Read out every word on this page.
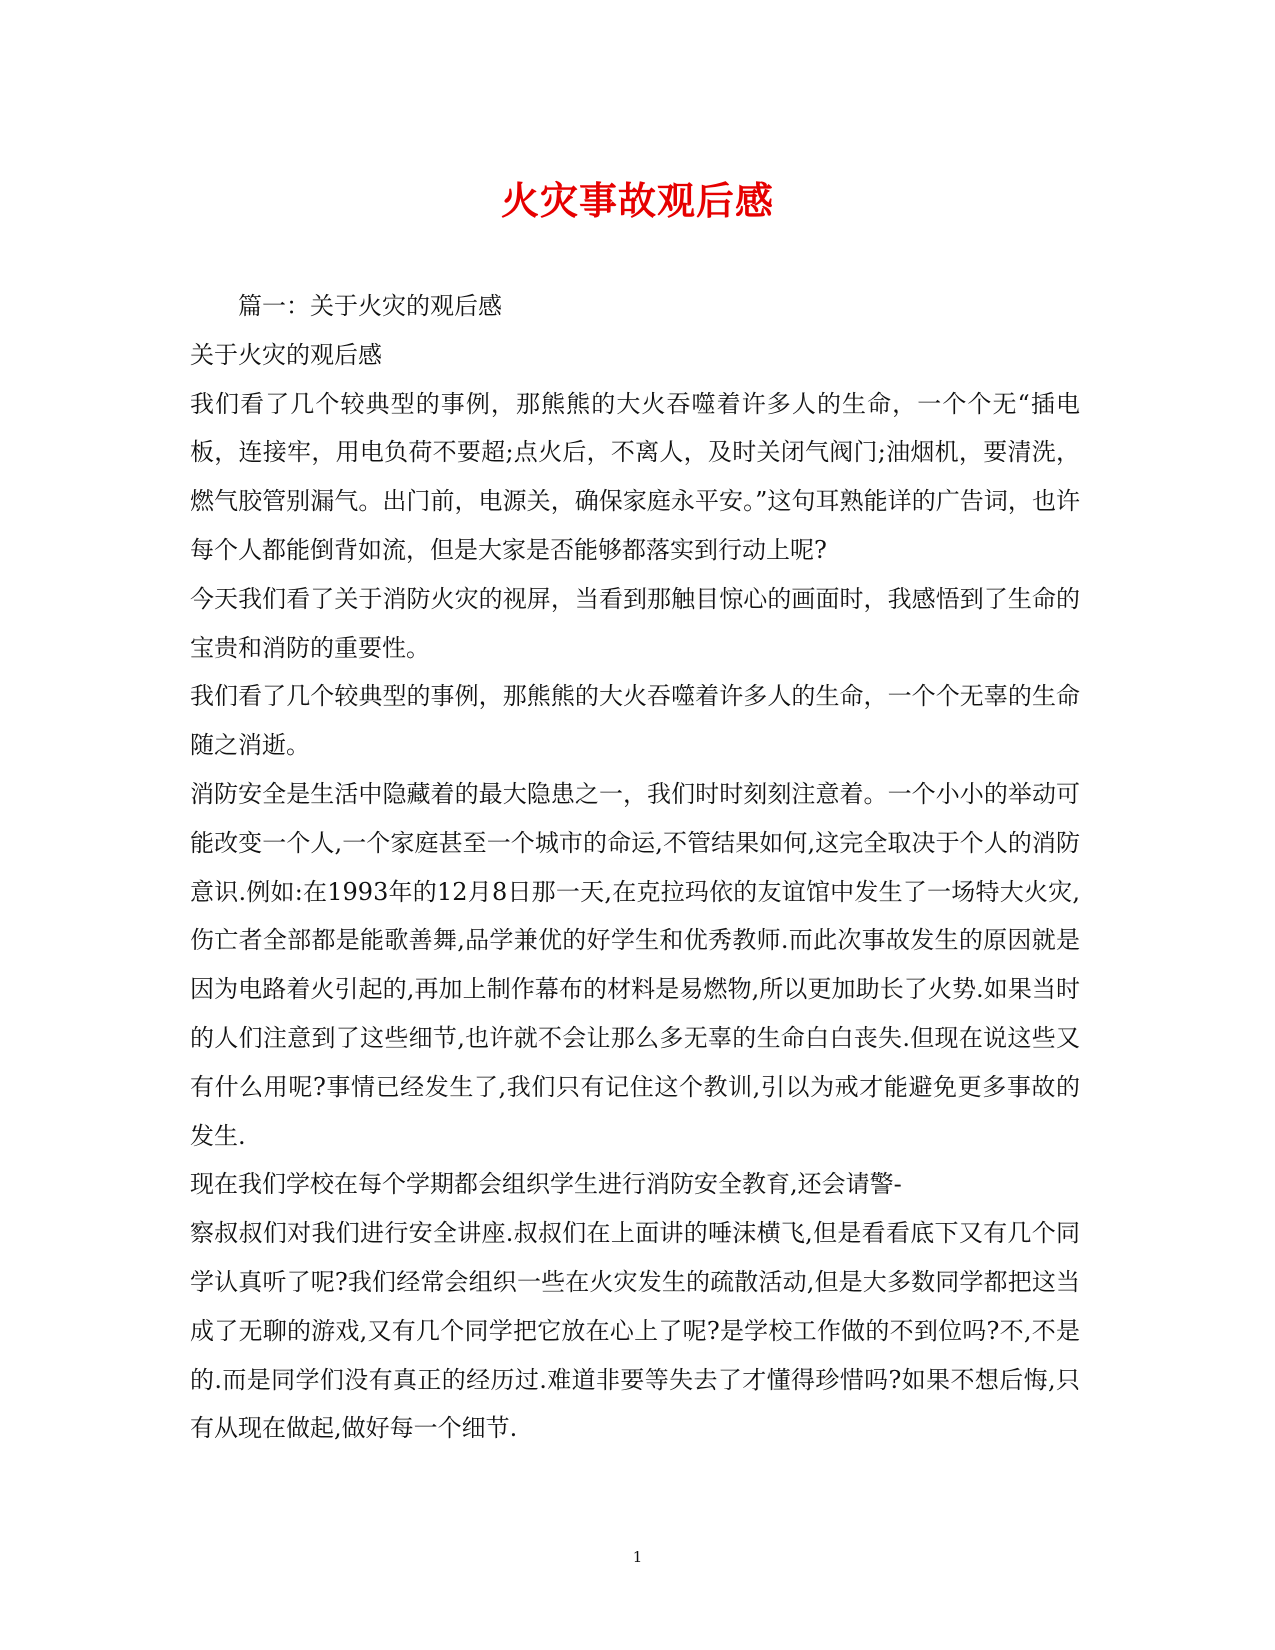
火灾事故观后感

篇一：关于火灾的观后感

关于火灾的观后感

我们看了几个较典型的事例，那熊熊的大火吞噬着许多人的生命，一个个无“插电板，连接牢，用电负荷不要超;点火后，不离人，及时关闭气阀门;油烟机，要清洗，燃气胶管别漏气。出门前，电源关，确保家庭永平安。”这句耳熟能详的广告词，也许每个人都能倒背如流，但是大家是否能够都落实到行动上呢?

今天我们看了关于消防火灾的视屏，当看到那触目惊心的画面时，我感悟到了生命的宝贵和消防的重要性。

我们看了几个较典型的事例，那熊熊的大火吞噬着许多人的生命，一个个无辜的生命随之消逝。

消防安全是生活中隐藏着的最大隐患之一，我们时时刻刻注意着。一个小小的举动可能改变一个人,一个家庭甚至一个城市的命运,不管结果如何,这完全取决于个人的消防意识.例如:在1993年的12月8日那一天,在克拉玛依的友谊馆中发生了一场特大火灾,伤亡者全部都是能歌善舞,品学兼优的好学生和优秀教师.而此次事故发生的原因就是因为电路着火引起的,再加上制作幕布的材料是易燃物,所以更加助长了火势.如果当时的人们注意到了这些细节,也许就不会让那么多无辜的生命白白丧失.但现在说这些又有什么用呢?事情已经发生了,我们只有记住这个教训,引以为戒才能避免更多事故的发生.

现在我们学校在每个学期都会组织学生进行消防安全教育,还会请警-

察叔叔们对我们进行安全讲座.叔叔们在上面讲的唾沫横飞,但是看看底下又有几个同学认真听了呢?我们经常会组织一些在火灾发生的疏散活动,但是大多数同学都把这当成了无聊的游戏,又有几个同学把它放在心上了呢?是学校工作做的不到位吗?不,不是的.而是同学们没有真正的经历过.难道非要等失去了才懂得珍惜吗?如果不想后悔,只有从现在做起,做好每一个细节.

1
